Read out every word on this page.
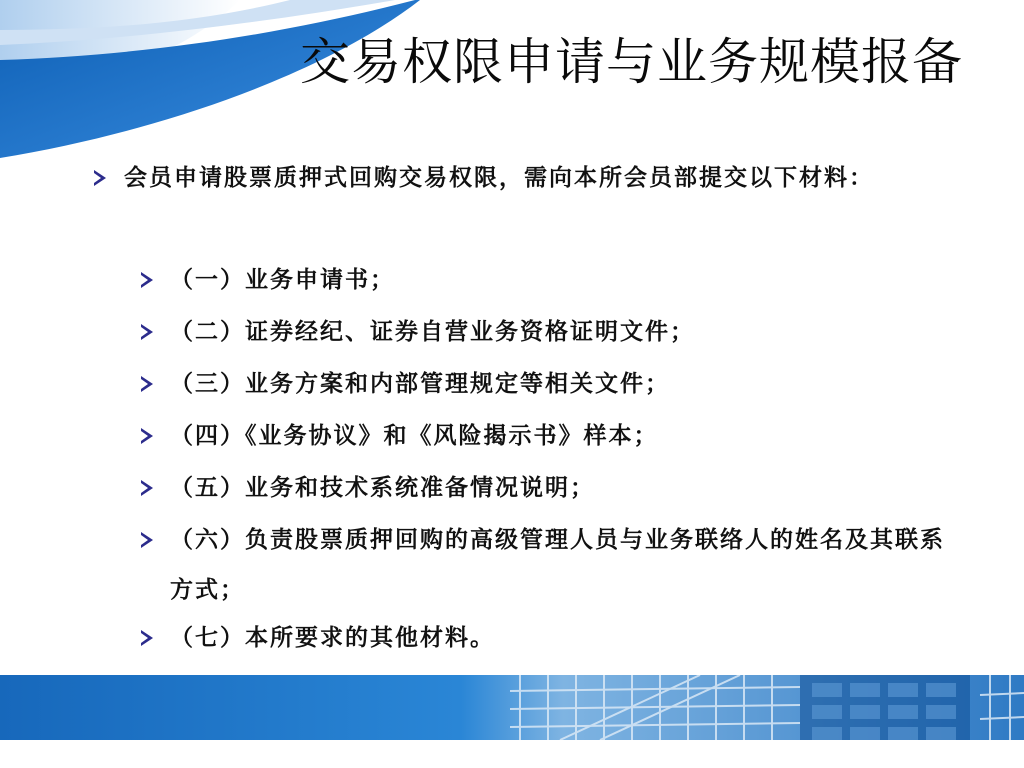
交易权限申请与业务规模报备
会员申请股票质押式回购交易权限，需向本所会员部提交以下材料：
（一）业务申请书；
（二）证券经纪、证券自营业务资格证明文件；
（三）业务方案和内部管理规定等相关文件；
（四）《业务协议》和《风险揭示书》样本；
（五）业务和技术系统准备情况说明；
（六）负责股票质押回购的高级管理人员与业务联络人的姓名及其联系方式；
（七）本所要求的其他材料。
